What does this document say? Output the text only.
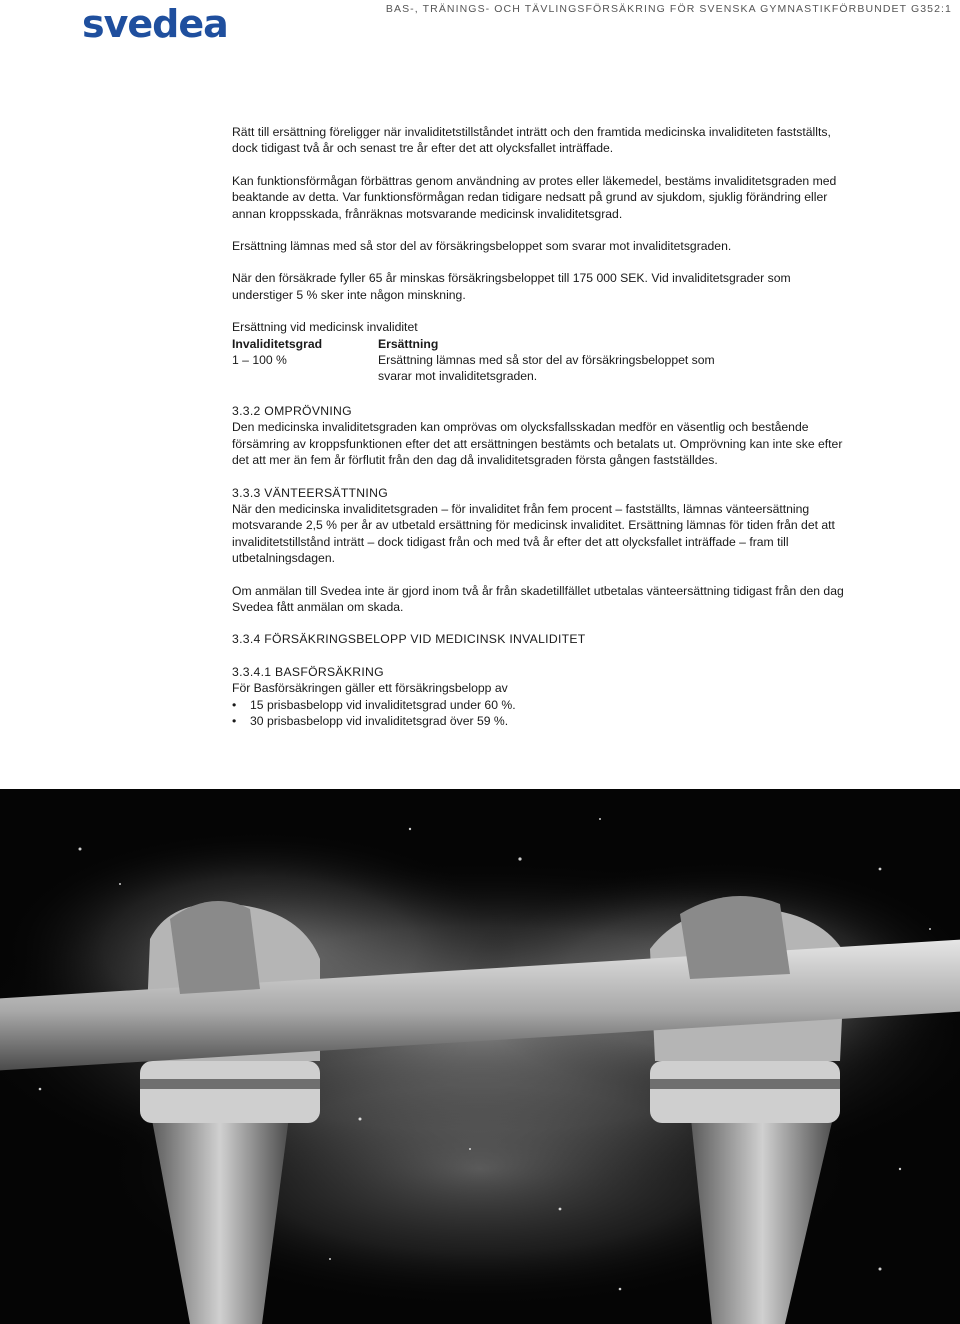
svedea	BAS-, TRÄNINGS- OCH TÄVLINGSFÖRSÄKRING FÖR SVENSKA GYMNASTIKFÖRBUNDET G352:1

Rätt till ersättning föreligger när invaliditetstillståndet inträtt och den framtida medicinska invaliditeten fastställts, dock tidigast två år och senast tre år efter det att olycksfallet inträffade.

Kan funktionsförmågan förbättras genom användning av protes eller läkemedel, bestäms invaliditetsgraden med beaktande av detta. Var funktionsförmågan redan tidigare nedsatt på grund av sjukdom, sjuklig förändring eller annan kroppsskada, frånräknas motsvarande medicinsk invaliditetsgrad.

Ersättning lämnas med så stor del av försäkringsbeloppet som svarar mot invaliditetsgraden.

När den försäkrade fyller 65 år minskas försäkringsbeloppet till 175 000 SEK. Vid invaliditetsgrader som understiger 5 % sker inte någon minskning.

Ersättning vid medicinsk invaliditet
Invaliditetsgrad	Ersättning
1 – 100 %	Ersättning lämnas med så stor del av försäkringsbeloppet som svarar mot invaliditetsgraden.
3.3.2 OMPRÖVNING

Den medicinska invaliditetsgraden kan omprövas om olycksfallsskadan medför en väsentlig och bestående försämring av kroppsfunktionen efter det att ersättningen bestämts och betalats ut. Omprövning kan inte ske efter det att mer än fem år förflutit från den dag då invaliditetsgraden första gången fastställdes.

3.3.3 VÄNTEERSÄTTNING

När den medicinska invaliditetsgraden – för invaliditet från fem procent – fastställts, lämnas vänteersättning motsvarande 2,5 % per år av utbetald ersättning för medicinsk invaliditet. Ersättning lämnas för tiden från det att invaliditetstillstånd inträtt – dock tidigast från och med två år efter det att olycksfallet inträffade – fram till utbetalningsdagen.

Om anmälan till Svedea inte är gjord inom två år från skadetillfället utbetalas vänteersättning tidigast från den dag Svedea fått anmälan om skada.

3.3.4 FÖRSÄKRINGSBELOPP VID MEDICINSK INVALIDITET

3.3.4.1 BASFÖRSÄKRING
För Basförsäkringen gäller ett försäkringsbelopp av
• 15 prisbasbelopp vid invaliditetsgrad under 60 %.
• 30 prisbasbelopp vid invaliditetsgrad över 59 %.
